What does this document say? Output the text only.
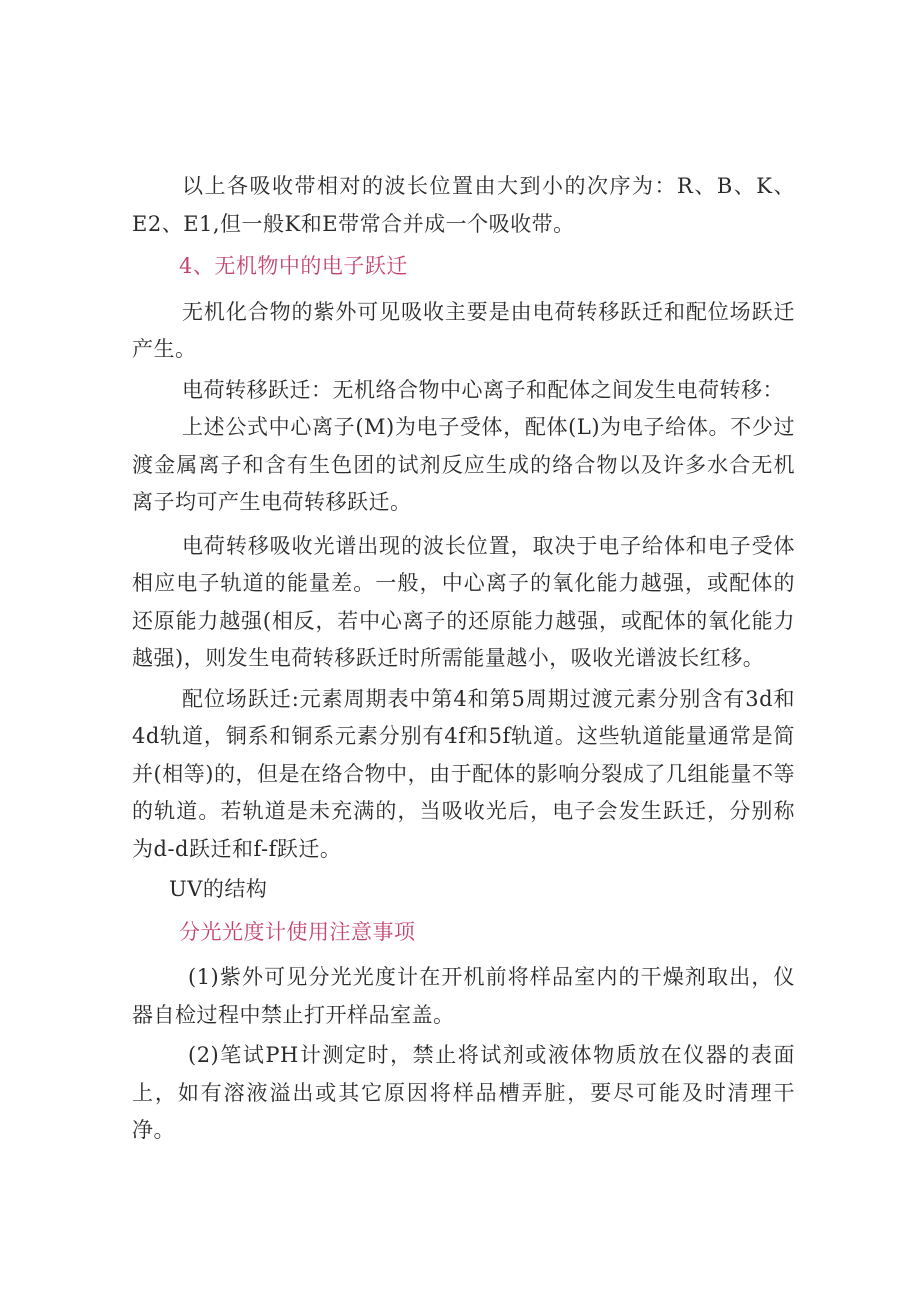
以上各吸收带相对的波长位置由大到小的次序为：R、B、K、E2、E1,但一般K和E带常合并成一个吸收带。

4、无机物中的电子跃迁

无机化合物的紫外可见吸收主要是由电荷转移跃迁和配位场跃迁产生。

电荷转移跃迁：无机络合物中心离子和配体之间发生电荷转移：

上述公式中心离子(M)为电子受体，配体(L)为电子给体。不少过渡金属离子和含有生色团的试剂反应生成的络合物以及许多水合无机离子均可产生电荷转移跃迁。

电荷转移吸收光谱出现的波长位置，取决于电子给体和电子受体相应电子轨道的能量差。一般，中心离子的氧化能力越强，或配体的还原能力越强(相反，若中心离子的还原能力越强，或配体的氧化能力越强)，则发生电荷转移跃迁时所需能量越小，吸收光谱波长红移。

配位场跃迁:元素周期表中第4和第5周期过渡元素分别含有3d和4d轨道，铜系和铜系元素分别有4f和5f轨道。这些轨道能量通常是简并(相等)的，但是在络合物中，由于配体的影响分裂成了几组能量不等的轨道。若轨道是未充满的，当吸收光后，电子会发生跃迁，分别称为d-d跃迁和f-f跃迁。

UV的结构

分光光度计使用注意事项

(1)紫外可见分光光度计在开机前将样品室内的干燥剂取出，仪器自检过程中禁止打开样品室盖。

(2)笔试PH计测定时，禁止将试剂或液体物质放在仪器的表面上，如有溶液溢出或其它原因将样品槽弄脏，要尽可能及时清理干净。
